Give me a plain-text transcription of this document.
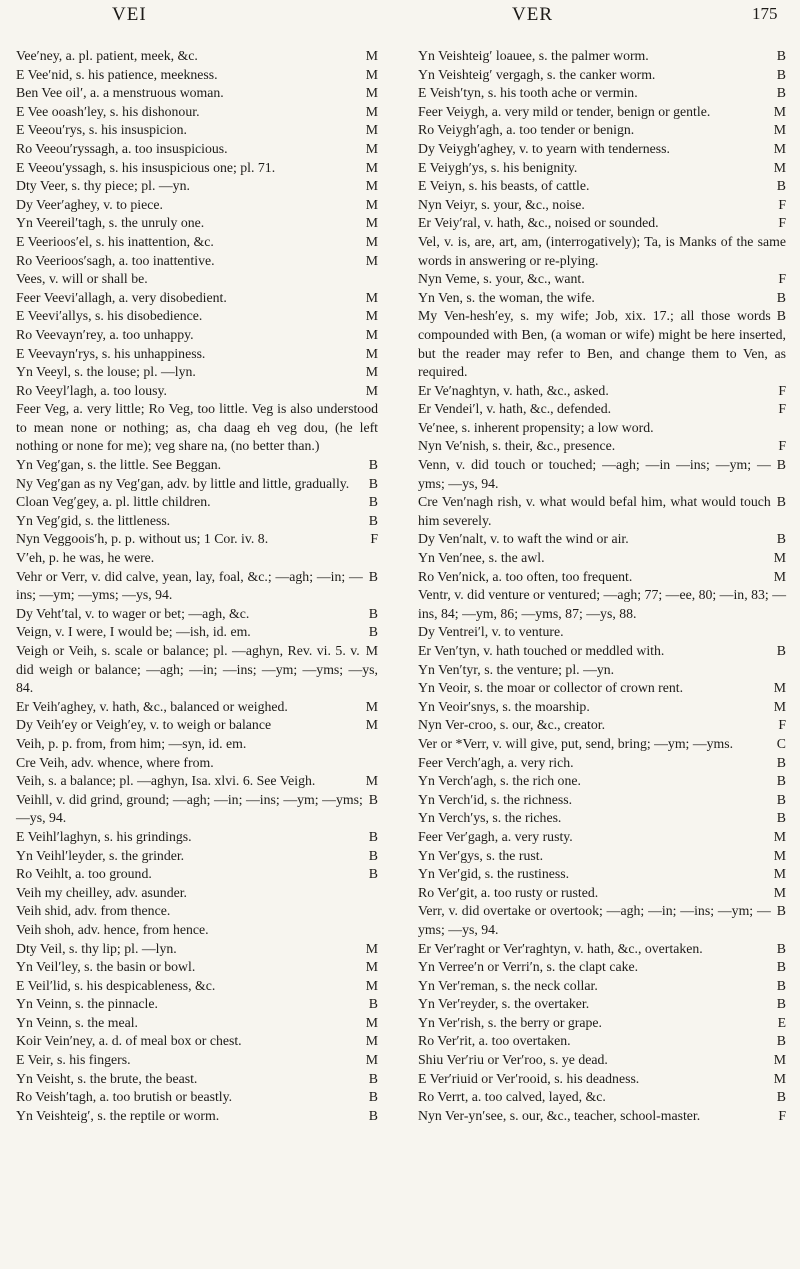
VEI	VER	175
M
Vee′ney, a. pl. patient, meek, &c.
M
E Vee′nid, s. his patience, meekness.
M
Ben Vee oil′, a. a menstruous woman.
M
E Vee ooash′ley, s. his dishonour.
M
E Veeou′rys, s. his insuspicion.
M
Ro Veeou′ryssagh, a. too insuspicious.
M
E Veeou′yssagh, s. his insuspicious one; pl. 71.
M
Dty Veer, s. thy piece; pl. —yn.
M
Dy Veer′aghey, v. to piece.
M
Yn Veereil′tagh, s. the unruly one.
M
E Veerioos′el, s. his inattention, &c.
M
Ro Veerioos′sagh, a. too inattentive.
Vees, v. will or shall be.
M
Feer Veevi′allagh, a. very disobedient.
M
E Veevi′allys, s. his disobedience.
M
Ro Veevayn′rey, a. too unhappy.
M
E Veevayn′rys, s. his unhappiness.
M
Yn Veeyl, s. the louse; pl. —lyn.
M
Ro Veeyl′lagh, a. too lousy.
Feer Veg, a. very little; Ro Veg, too little. Veg is also understood to mean none or nothing; as, cha daag eh veg dou, (he left nothing or none for me); veg share na, (no better than.)
B
Yn Veg′gan, s. the little. See Beggan.
B
Ny Veg′gan as ny Veg′gan, adv. by little and little, gradually.
B
Cloan Veg′gey, a. pl. little children.
B
Yn Veg′gid, s. the littleness.
F
Nyn Veggoois′h, p. p. without us; 1 Cor. iv. 8.
V′eh, p. he was, he were.
B
Vehr or Verr, v. did calve, yean, lay, foal, &c.; —agh; —in; —ins; —ym; —yms; —ys, 94.
B
Dy Veht′tal, v. to wager or bet; —agh, &c.
B
Veign, v. I were, I would be; —ish, id. em.
M
Veigh or Veih, s. scale or balance; pl. —aghyn, Rev. vi. 5. v. did weigh or balance; —agh; —in; —ins; —ym; —yms; —ys, 84.
M
Er Veih′aghey, v. hath, &c., balanced or weighed.
M
Dy Veih′ey or Veigh′ey, v. to weigh or balance
Veih, p. p. from, from him; —syn, id. em.
Cre Veih, adv. whence, where from.
M
Veih, s. a balance; pl. —aghyn, Isa. xlvi. 6. See Veigh.
B
Veihll, v. did grind, ground; —agh; —in; —ins; —ym; —yms; —ys, 94.
B
E Veihl′laghyn, s. his grindings.
B
Yn Veihl′leyder, s. the grinder.
B
Ro Veihlt, a. too ground.
Veih my cheilley, adv. asunder.
Veih shid, adv. from thence.
Veih shoh, adv. hence, from hence.
M
Dty Veil, s. thy lip; pl. —lyn.
M
Yn Veil′ley, s. the basin or bowl.
M
E Veil′lid, s. his despicableness, &c.
B
Yn Veinn, s. the pinnacle.
M
Yn Veinn, s. the meal.
M
Koir Vein′ney, a. d. of meal box or chest.
M
E Veir, s. his fingers.
B
Yn Veisht, s. the brute, the beast.
B
Ro Veish′tagh, a. too brutish or beastly.
B
Yn Veishteig′, s. the reptile or worm.
B
Yn Veishteig′ loauee, s. the palmer worm.
B
Yn Veishteig′ vergagh, s. the canker worm.
B
E Veish′tyn, s. his tooth ache or vermin.
M
Feer Veiygh, a. very mild or tender, benign or gentle.
M
Ro Veiygh′agh, a. too tender or benign.
M
Dy Veiygh′aghey, v. to yearn with tenderness.
M
E Veiygh′ys, s. his benignity.
B
E Veiyn, s. his beasts, of cattle.
F
Nyn Veiyr, s. your, &c., noise.
F
Er Veiy′ral, v. hath, &c., noised or sounded.
Vel, v. is, are, art, am, (interrogatively); Ta, is Manks of the same words in answering or re-plying.
F
Nyn Veme, s. your, &c., want.
B
Yn Ven, s. the woman, the wife.
B
My Ven-hesh′ey, s. my wife; Job, xix. 17.; all those words compounded with Ben, (a woman or wife) might be here inserted, but the reader may refer to Ben, and change them to Ven, as required.
F
Er Ve′naghtyn, v. hath, &c., asked.
F
Er Vendei′l, v. hath, &c., defended.
Ve′nee, s. inherent propensity; a low word.
F
Nyn Ve′nish, s. their, &c., presence.
B
Venn, v. did touch or touched; —agh; —in —ins; —ym; —yms; —ys, 94.
B
Cre Ven′nagh rish, v. what would befal him, what would touch him severely.
B
Dy Ven′nalt, v. to waft the wind or air.
M
Yn Ven′nee, s. the awl.
M
Ro Ven′nick, a. too often, too frequent.
Ventr, v. did venture or ventured; —agh; 77; —ee, 80; —in, 83; —ins, 84; —ym, 86; —yms, 87; —ys, 88.
Dy Ventrei′l, v. to venture.
B
Er Ven′tyn, v. hath touched or meddled with.
Yn Ven′tyr, s. the venture; pl. —yn.
M
Yn Veoir, s. the moar or collector of crown rent.
M
Yn Veoir′snys, s. the moarship.
F
Nyn Ver-croo, s. our, &c., creator.
C
Ver or *Verr, v. will give, put, send, bring; —ym; —yms.
B
Feer Verch′agh, a. very rich.
B
Yn Verch′agh, s. the rich one.
B
Yn Verch′id, s. the richness.
B
Yn Verch′ys, s. the riches.
M
Feer Ver′gagh, a. very rusty.
M
Yn Ver′gys, s. the rust.
M
Yn Ver′gid, s. the rustiness.
M
Ro Ver′git, a. too rusty or rusted.
B
Verr, v. did overtake or overtook; —agh; —in; —ins; —ym; —yms; —ys, 94.
B
Er Ver′raght or Ver′raghtyn, v. hath, &c., overtaken.
B
Yn Verree′n or Verri′n, s. the clapt cake.
B
Yn Ver′reman, s. the neck collar.
B
Yn Ver′reyder, s. the overtaker.
E
Yn Ver′rish, s. the berry or grape.
B
Ro Ver′rit, a. too overtaken.
M
Shiu Ver′riu or Ver′roo, s. ye dead.
M
E Ver′riuid or Ver′rooid, s. his deadness.
B
Ro Verrt, a. too calved, layed, &c.
F
Nyn Ver-yn′see, s. our, &c., teacher, school-master.
